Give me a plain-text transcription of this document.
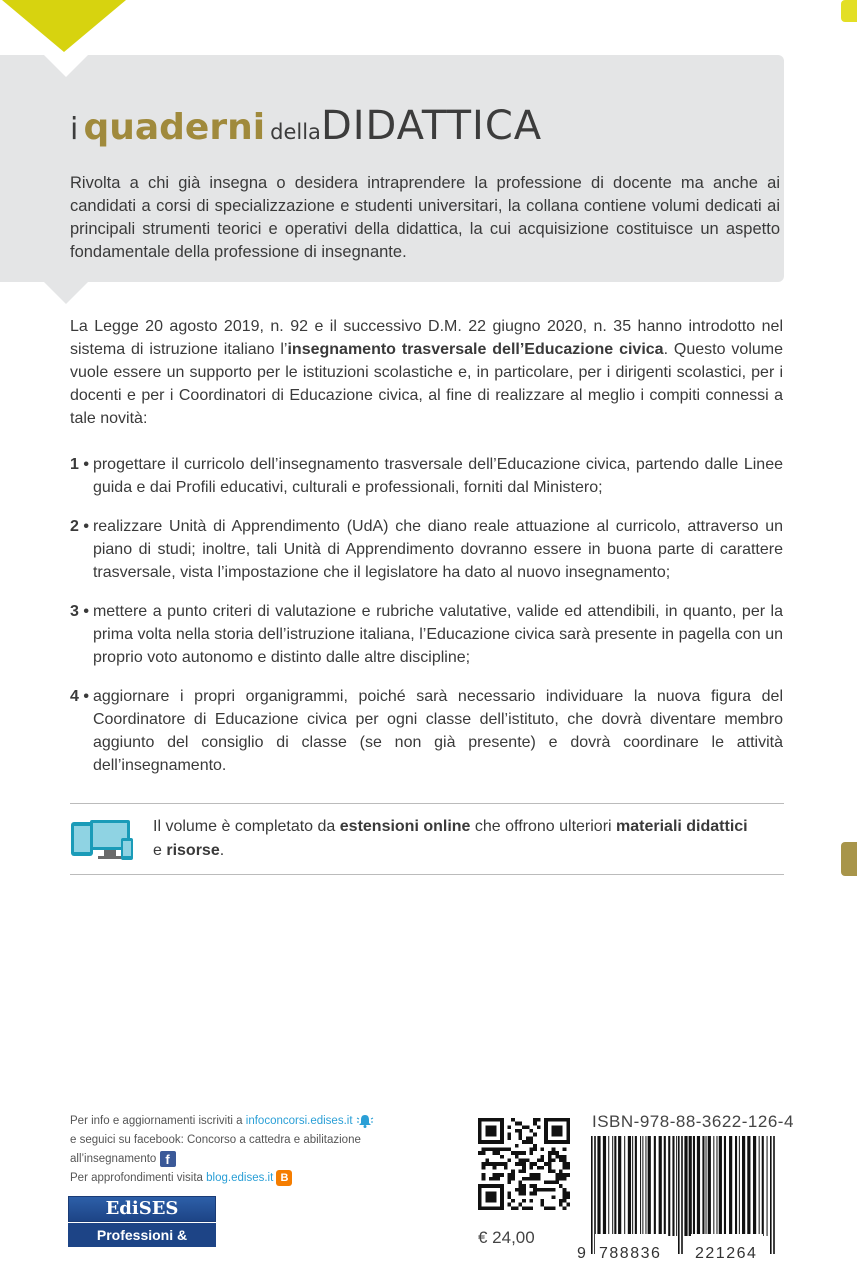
i quaderni dellaDIDATTICA
Rivolta a chi già insegna o desidera intraprendere la professione di docente ma anche ai candidati a corsi di specializzazione e studenti universitari, la collana contiene volumi dedicati ai principali strumenti teorici e operativi della didattica, la cui acquisizione costituisce un aspetto fondamentale della professione di insegnante.
La Legge 20 agosto 2019, n. 92 e il successivo D.M. 22 giugno 2020, n. 35 hanno introdotto nel sistema di istruzione italiano l’insegnamento trasversale dell’Educazione civica. Questo volume vuole essere un supporto per le istituzioni scolastiche e, in particolare, per i dirigenti scolastici, per i docenti e per i Coordinatori di Educazione civica, al fine di realizzare al meglio i compiti connessi a tale novità:
1 • progettare il curricolo dell’insegnamento trasversale dell’Educazione civica, partendo dalle Linee guida e dai Profili educativi, culturali e professionali, forniti dal Ministero;
2 • realizzare Unità di Apprendimento (UdA) che diano reale attuazione al curricolo, attraverso un piano di studi; inoltre, tali Unità di Apprendimento dovranno essere in buona parte di carattere trasversale, vista l’impostazione che il legislatore ha dato al nuovo insegnamento;
3 • mettere a punto criteri di valutazione e rubriche valutative, valide ed attendibili, in quanto, per la prima volta nella storia dell’istruzione italiana, l’Educazione civica sarà presente in pagella con un proprio voto autonomo e distinto dalle altre discipline;
4 • aggiornare i propri organigrammi, poiché sarà necessario individuare la nuova figura del Coordinatore di Educazione civica per ogni classe dell’istituto, che dovrà diventare membro aggiunto del consiglio di classe (se non già presente) e dovrà coordinare le attività dell’insegnamento.
Il volume è completato da estensioni online che offrono ulteriori materiali didattici
e risorse.
Per info e aggiornamenti iscriviti a infoconcorsi.edises.it
e seguici su facebook: Concorso a cattedra e abilitazione all’insegnamento f
Per approfondimenti visita blog.edises.it B
EdiSES
Professioni & Concorsi
€ 24,00
ISBN-978-88-3622-126-4
9 788836 221264
